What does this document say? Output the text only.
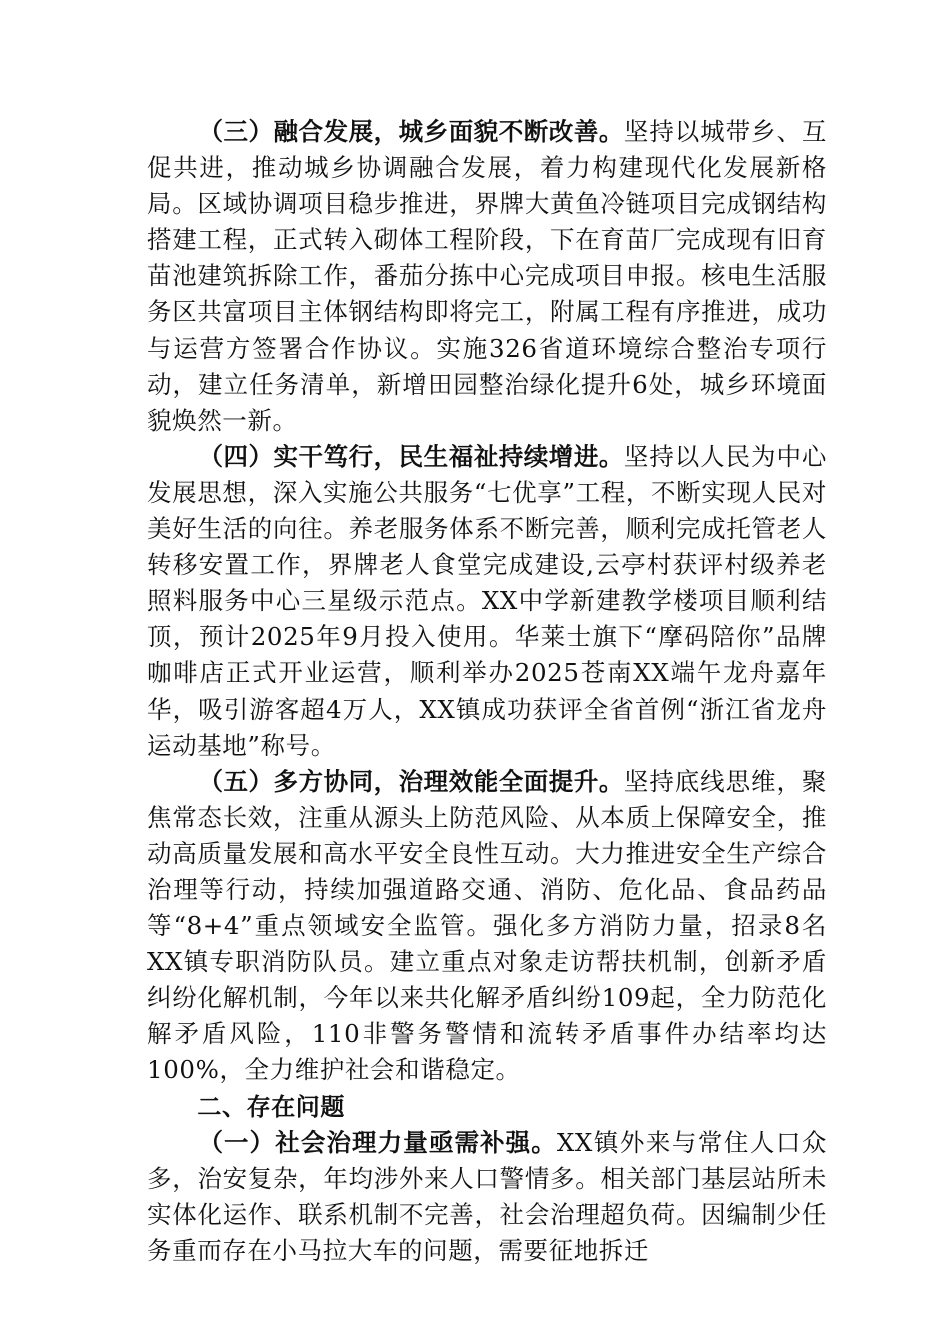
（三）融合发展，城乡面貌不断改善。坚持以城带乡、互促共进，推动城乡协调融合发展，着力构建现代化发展新格局。区域协调项目稳步推进，界牌大黄鱼冷链项目完成钢结构搭建工程，正式转入砌体工程阶段，下在育苗厂完成现有旧育苗池建筑拆除工作，番茄分拣中心完成项目申报。核电生活服务区共富项目主体钢结构即将完工，附属工程有序推进，成功与运营方签署合作协议。实施326省道环境综合整治专项行动，建立任务清单，新增田园整治绿化提升6处，城乡环境面貌焕然一新。

（四）实干笃行，民生福祉持续增进。坚持以人民为中心发展思想，深入实施公共服务“七优享”工程，不断实现人民对美好生活的向往。养老服务体系不断完善，顺利完成托管老人转移安置工作，界牌老人食堂完成建设,云亭村获评村级养老照料服务中心三星级示范点。XX中学新建教学楼项目顺利结顶，预计2025年9月投入使用。华莱士旗下“摩码陪你”品牌咖啡店正式开业运营，顺利举办2025苍南XX端午龙舟嘉年华，吸引游客超4万人，XX镇成功获评全省首例“浙江省龙舟运动基地”称号。

（五）多方协同，治理效能全面提升。坚持底线思维，聚焦常态长效，注重从源头上防范风险、从本质上保障安全，推动高质量发展和高水平安全良性互动。大力推进安全生产综合治理等行动，持续加强道路交通、消防、危化品、食品药品等“8+4”重点领域安全监管。强化多方消防力量，招录8名XX镇专职消防队员。建立重点对象走访帮扶机制，创新矛盾纠纷化解机制，今年以来共化解矛盾纠纷109起，全力防范化解矛盾风险，110非警务警情和流转矛盾事件办结率均达100%，全力维护社会和谐稳定。

二、存在问题

（一）社会治理力量亟需补强。XX镇外来与常住人口众多，治安复杂，年均涉外来人口警情多。相关部门基层站所未实体化运作、联系机制不完善，社会治理超负荷。因编制少任务重而存在小马拉大车的问题，需要征地拆迁
